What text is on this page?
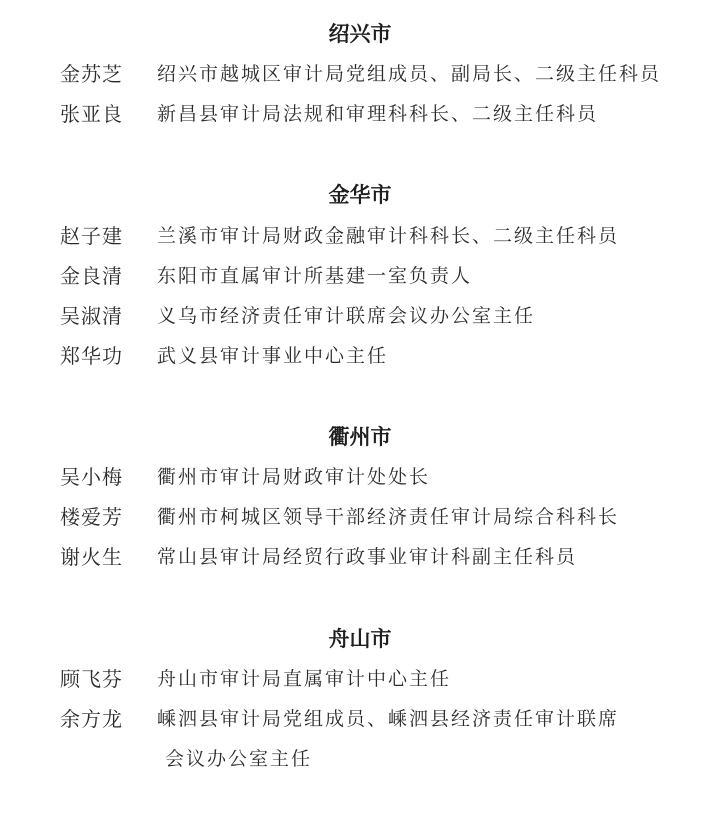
绍兴市
金苏芝 绍兴市越城区审计局党组成员、副局长、二级主任科员
张亚良 新昌县审计局法规和审理科科长、二级主任科员
金华市
赵子建 兰溪市审计局财政金融审计科科长、二级主任科员
金良清 东阳市直属审计所基建一室负责人
吴淑清 义乌市经济责任审计联席会议办公室主任
郑华功 武义县审计事业中心主任
衢州市
吴小梅 衢州市审计局财政审计处处长
楼爱芳 衢州市柯城区领导干部经济责任审计局综合科科长
谢火生 常山县审计局经贸行政事业审计科副主任科员
舟山市
顾飞芬 舟山市审计局直属审计中心主任
余方龙 嵊泗县审计局党组成员、嵊泗县经济责任审计联席
会议办公室主任
